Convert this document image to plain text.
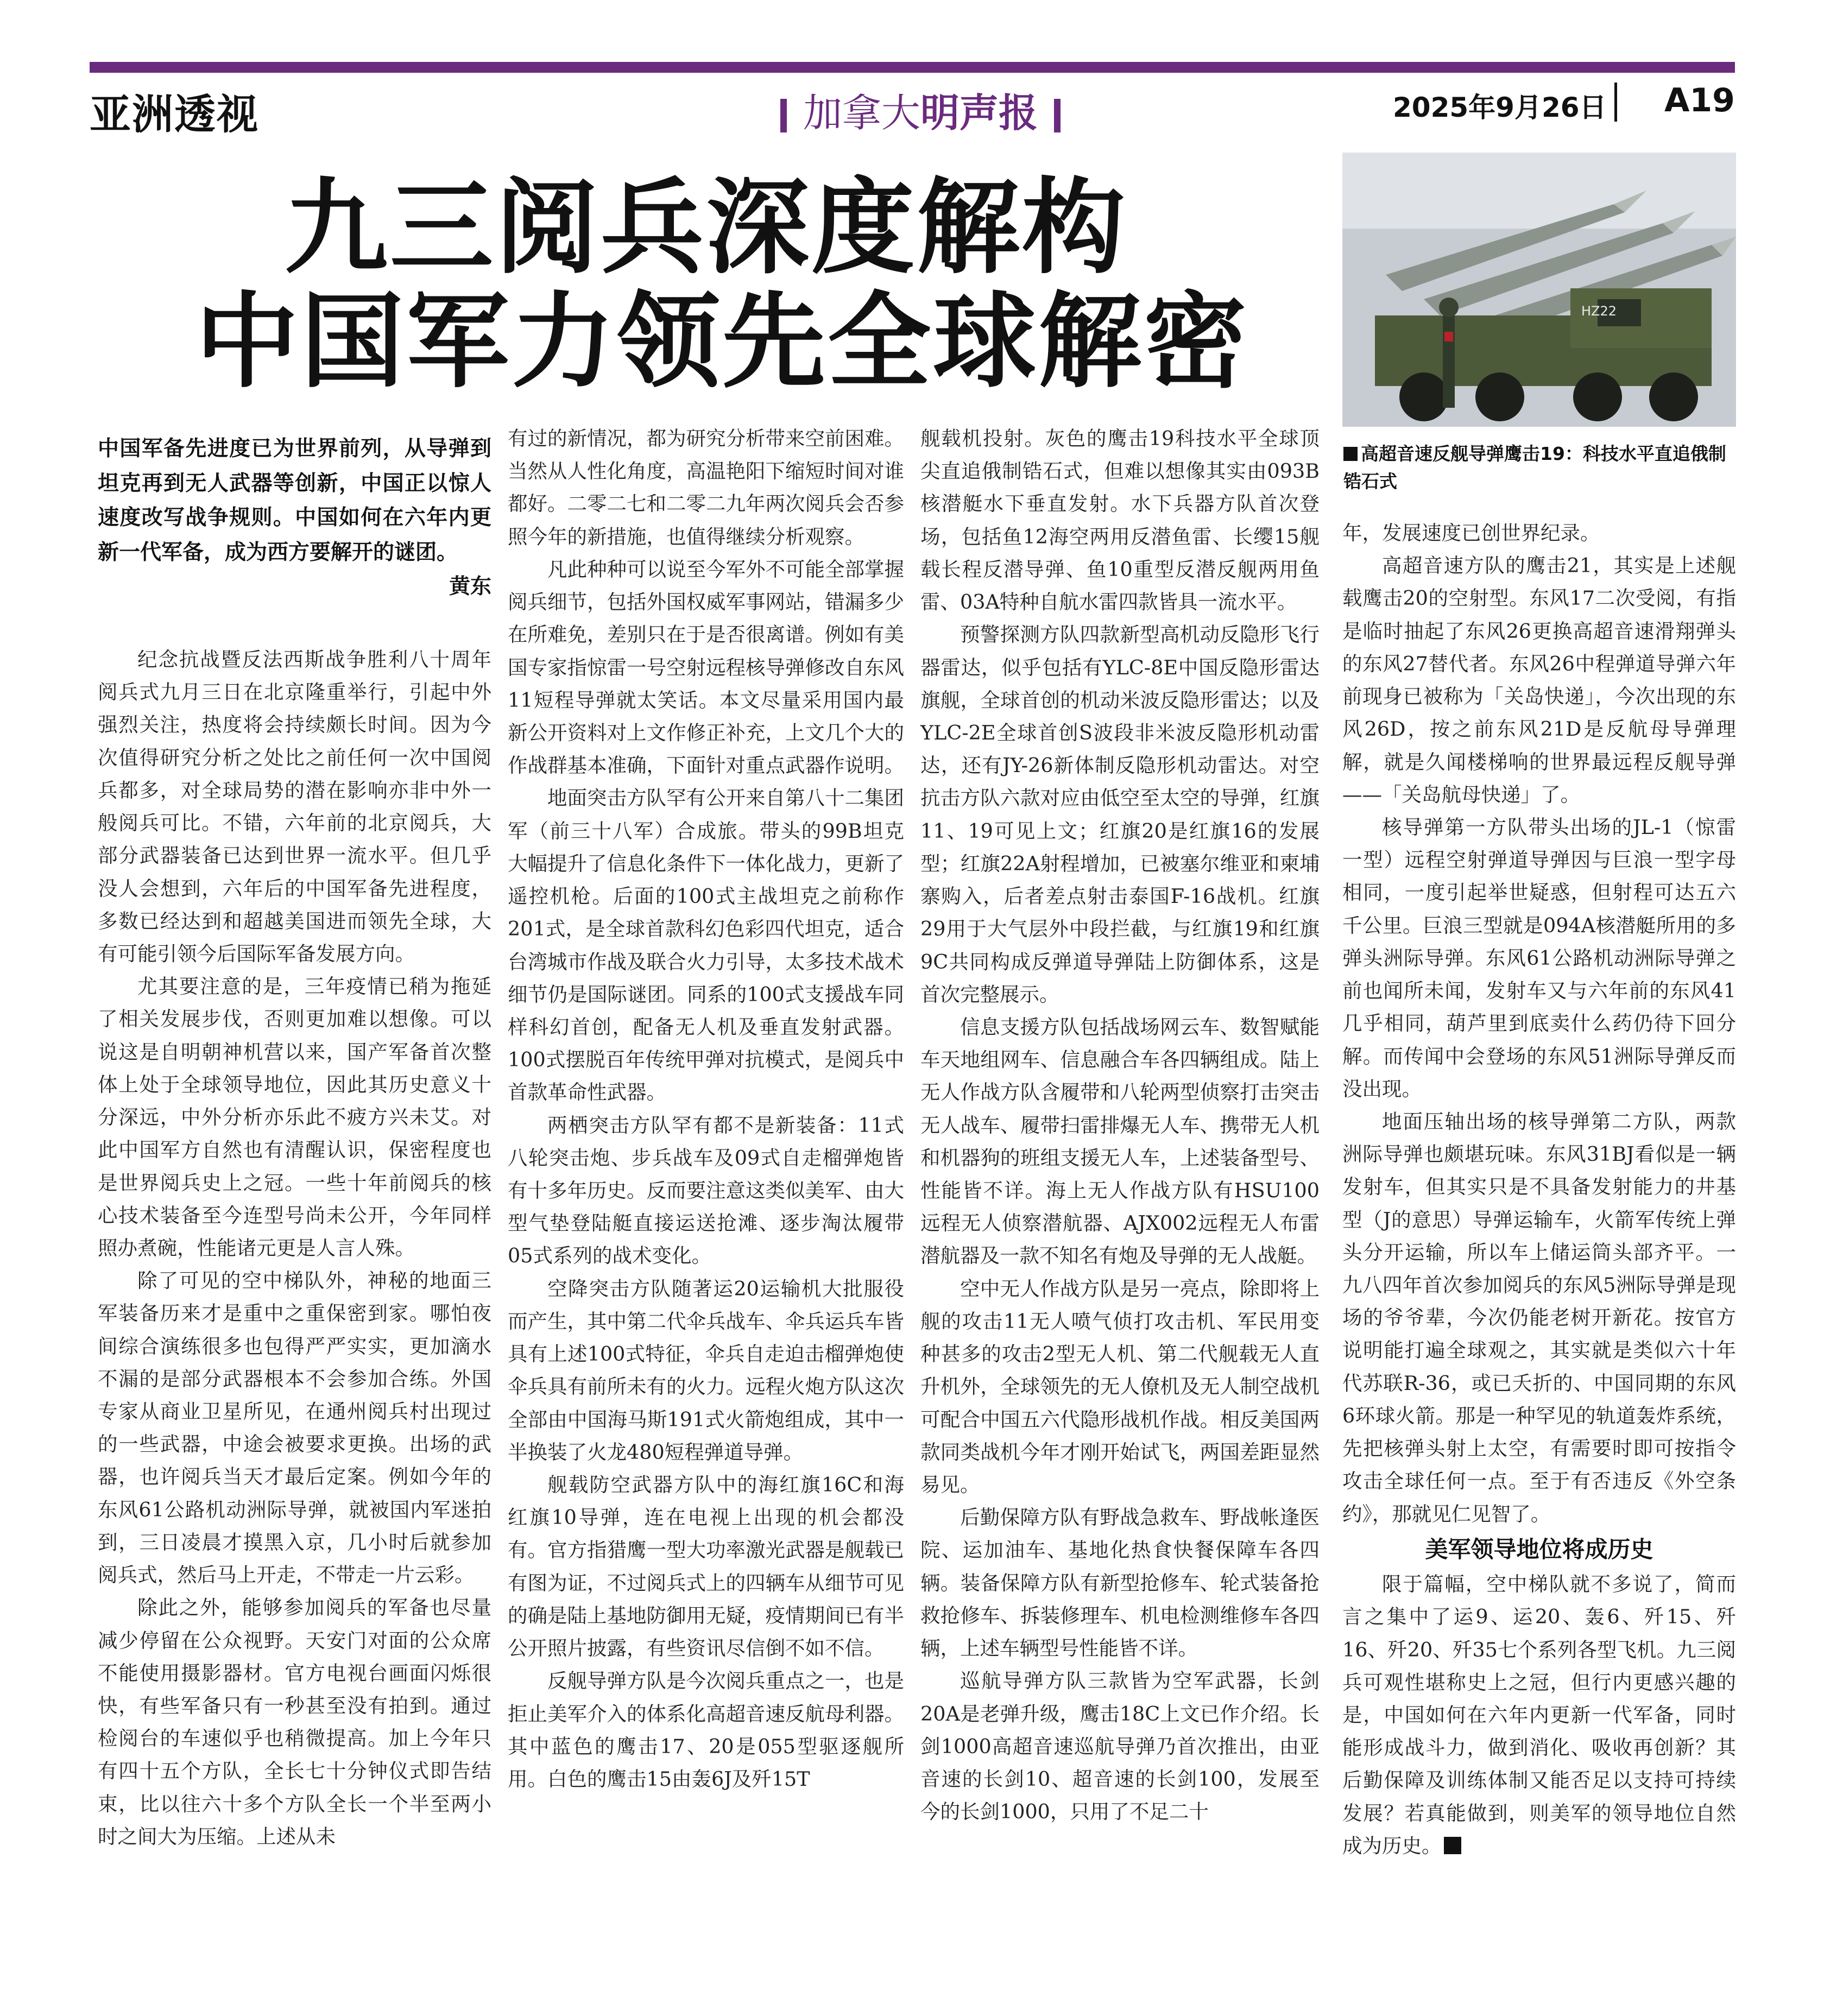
亚洲透视	加拿大明声报	2025年9月26日 A19
九三阅兵深度解构
中国军力领先全球解密	HZ22
高超音速反舰导弹鹰击19：科技水平直追俄制锆石式
中国军备先进度已为世界前列，从导弹到坦克再到无人武器等创新，中国正以惊人速度改写战争规则。中国如何在六年内更新一代军备，成为西方要解开的谜团。
黄东

纪念抗战暨反法西斯战争胜利八十周年阅兵式九月三日在北京隆重举行，引起中外强烈关注，热度将会持续颇长时间。因为今次值得研究分析之处比之前任何一次中国阅兵都多，对全球局势的潜在影响亦非中外一般阅兵可比。不错，六年前的北京阅兵，大部分武器装备已达到世界一流水平。但几乎没人会想到，六年后的中国军备先进程度，多数已经达到和超越美国进而领先全球，大有可能引领今后国际军备发展方向。

尤其要注意的是，三年疫情已稍为拖延了相关发展步伐，否则更加难以想像。可以说这是自明朝神机营以来，国产军备首次整体上处于全球领导地位，因此其历史意义十分深远，中外分析亦乐此不疲方兴未艾。对此中国军方自然也有清醒认识，保密程度也是世界阅兵史上之冠。一些十年前阅兵的核心技术装备至今连型号尚未公开，今年同样照办煮碗，性能诸元更是人言人殊。

除了可见的空中梯队外，神秘的地面三军装备历来才是重中之重保密到家。哪怕夜间综合演练很多也包得严严实实，更加滴水不漏的是部分武器根本不会参加合练。外国专家从商业卫星所见，在通州阅兵村出现过的一些武器，中途会被要求更换。出场的武器，也许阅兵当天才最后定案。例如今年的东风61公路机动洲际导弹，就被国内军迷拍到，三日凌晨才摸黑入京，几小时后就参加阅兵式，然后马上开走，不带走一片云彩。

除此之外，能够参加阅兵的军备也尽量减少停留在公众视野。天安门对面的公众席不能使用摄影器材。官方电视台画面闪烁很快，有些军备只有一秒甚至没有拍到。通过检阅台的车速似乎也稍微提高。加上今年只有四十五个方队，全长七十分钟仪式即告结束，比以往六十多个方队全长一个半至两小时之间大为压缩。上述从未

有过的新情况，都为研究分析带来空前困难。当然从人性化角度，高温艳阳下缩短时间对谁都好。二零二七和二零二九年两次阅兵会否参照今年的新措施，也值得继续分析观察。

凡此种种可以说至今军外不可能全部掌握阅兵细节，包括外国权威军事网站，错漏多少在所难免，差别只在于是否很离谱。例如有美国专家指惊雷一号空射远程核导弹修改自东风11短程导弹就太笑话。本文尽量采用国内最新公开资料对上文作修正补充，上文几个大的作战群基本准确，下面针对重点武器作说明。

地面突击方队罕有公开来自第八十二集团军（前三十八军）合成旅。带头的99B坦克大幅提升了信息化条件下一体化战力，更新了遥控机枪。后面的100式主战坦克之前称作201式，是全球首款科幻色彩四代坦克，适合台湾城市作战及联合火力引导，太多技术战术细节仍是国际谜团。同系的100式支援战车同样科幻首创，配备无人机及垂直发射武器。100式摆脱百年传统甲弹对抗模式，是阅兵中首款革命性武器。

两栖突击方队罕有都不是新装备：11式八轮突击炮、步兵战车及09式自走榴弹炮皆有十多年历史。反而要注意这类似美军、由大型气垫登陆艇直接运送抢滩、逐步淘汰履带05式系列的战术变化。

空降突击方队随著运20运输机大批服役而产生，其中第二代伞兵战车、伞兵运兵车皆具有上述100式特征，伞兵自走迫击榴弹炮使伞兵具有前所未有的火力。远程火炮方队这次全部由中国海马斯191式火箭炮组成，其中一半换装了火龙480短程弹道导弹。

舰载防空武器方队中的海红旗16C和海红旗10导弹，连在电视上出现的机会都没有。官方指猎鹰一型大功率激光武器是舰载已有图为证，不过阅兵式上的四辆车从细节可见的确是陆上基地防御用无疑，疫情期间已有半公开照片披露，有些资讯尽信倒不如不信。

反舰导弹方队是今次阅兵重点之一，也是拒止美军介入的体系化高超音速反航母利器。其中蓝色的鹰击17、20是055型驱逐舰所用。白色的鹰击15由轰6J及歼15T

舰载机投射。灰色的鹰击19科技水平全球顶尖直追俄制锆石式，但难以想像其实由093B核潜艇水下垂直发射。水下兵器方队首次登场，包括鱼12海空两用反潜鱼雷、长缨15舰载长程反潜导弹、鱼10重型反潜反舰两用鱼雷、03A特种自航水雷四款皆具一流水平。

预警探测方队四款新型高机动反隐形飞行器雷达，似乎包括有YLC-8E中国反隐形雷达旗舰，全球首创的机动米波反隐形雷达；以及YLC-2E全球首创S波段非米波反隐形机动雷达，还有JY-26新体制反隐形机动雷达。对空抗击方队六款对应由低空至太空的导弹，红旗11、19可见上文；红旗20是红旗16的发展型；红旗22A射程增加，已被塞尔维亚和柬埔寨购入，后者差点射击泰国F-16战机。红旗29用于大气层外中段拦截，与红旗19和红旗9C共同构成反弹道导弹陆上防御体系，这是首次完整展示。

信息支援方队包括战场网云车、数智赋能车天地组网车、信息融合车各四辆组成。陆上无人作战方队含履带和八轮两型侦察打击突击无人战车、履带扫雷排爆无人车、携带无人机和机器狗的班组支援无人车，上述装备型号、性能皆不详。海上无人作战方队有HSU100远程无人侦察潜航器、AJX002远程无人布雷潜航器及一款不知名有炮及导弹的无人战艇。

空中无人作战方队是另一亮点，除即将上舰的攻击11无人喷气侦打攻击机、军民用变种甚多的攻击2型无人机、第二代舰载无人直升机外，全球领先的无人僚机及无人制空战机可配合中国五六代隐形战机作战。相反美国两款同类战机今年才刚开始试飞，两国差距显然易见。

后勤保障方队有野战急救车、野战帐逢医院、运加油车、基地化热食快餐保障车各四辆。装备保障方队有新型抢修车、轮式装备抢救抢修车、拆装修理车、机电检测维修车各四辆，上述车辆型号性能皆不详。

巡航导弹方队三款皆为空军武器，长剑20A是老弹升级，鹰击18C上文已作介绍。长剑1000高超音速巡航导弹乃首次推出，由亚音速的长剑10、超音速的长剑100，发展至今的长剑1000，只用了不足二十

年，发展速度已创世界纪录。

高超音速方队的鹰击21，其实是上述舰载鹰击20的空射型。东风17二次受阅，有指是临时抽起了东风26更换高超音速滑翔弹头的东风27替代者。东风26中程弹道导弹六年前现身已被称为「关岛快递」，今次出现的东风26D，按之前东风21D是反航母导弹理解，就是久闻楼梯响的世界最远程反舰导弹——「关岛航母快递」了。

核导弹第一方队带头出场的JL-1（惊雷一型）远程空射弹道导弹因与巨浪一型字母相同，一度引起举世疑惑，但射程可达五六千公里。巨浪三型就是094A核潜艇所用的多弹头洲际导弹。东风61公路机动洲际导弹之前也闻所未闻，发射车又与六年前的东风41几乎相同，葫芦里到底卖什么药仍待下回分解。而传闻中会登场的东风51洲际导弹反而没出现。

地面压轴出场的核导弹第二方队，两款洲际导弹也颇堪玩味。东风31BJ看似是一辆发射车，但其实只是不具备发射能力的井基型（J的意思）导弹运输车，火箭军传统上弹头分开运输，所以车上储运筒头部齐平。一九八四年首次参加阅兵的东风5洲际导弹是现场的爷爷辈，今次仍能老树开新花。按官方说明能打遍全球观之，其实就是类似六十年代苏联R-36，或已夭折的、中国同期的东风6环球火箭。那是一种罕见的轨道轰炸系统，先把核弹头射上太空，有需要时即可按指令攻击全球任何一点。至于有否违反《外空条约》，那就见仁见智了。

美军领导地位将成历史

限于篇幅，空中梯队就不多说了，简而言之集中了运9、运20、轰6、歼15、歼16、歼20、歼35七个系列各型飞机。九三阅兵可观性堪称史上之冠，但行内更感兴趣的是，中国如何在六年内更新一代军备，同时能形成战斗力，做到消化、吸收再创新？其后勤保障及训练体制又能否足以支持可持续发展？若真能做到，则美军的领导地位自然成为历史。
